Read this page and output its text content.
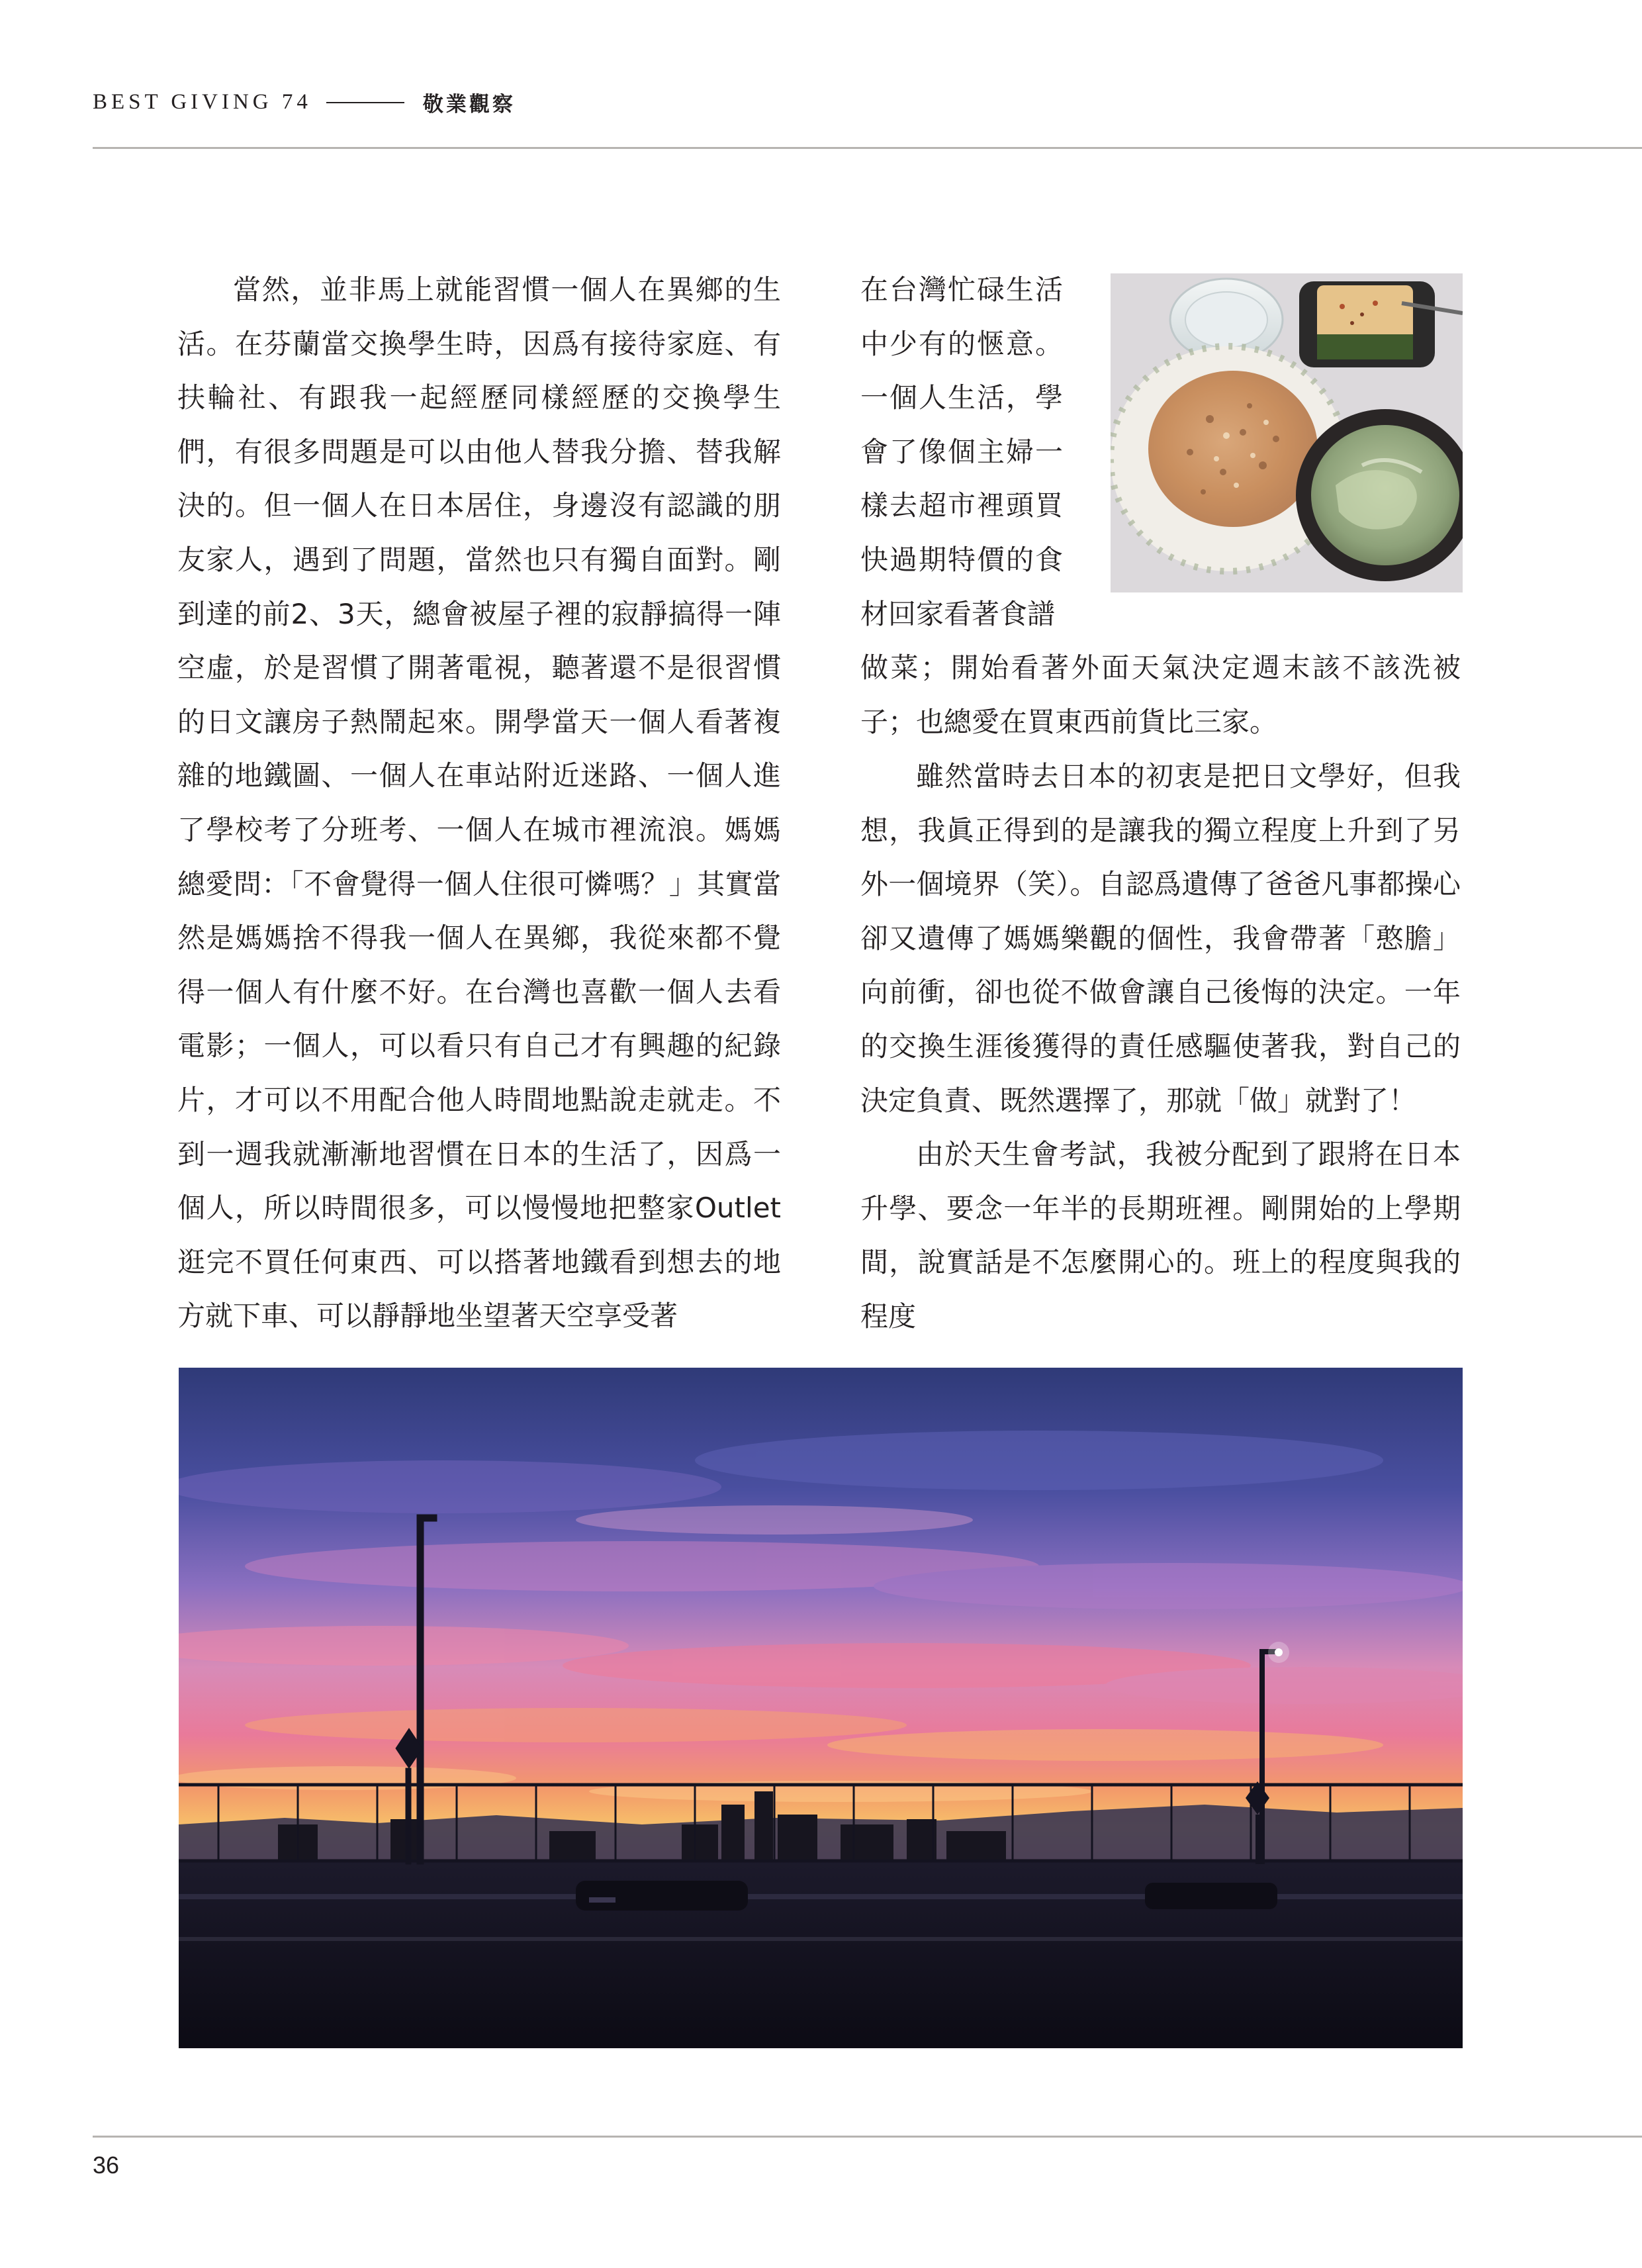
BEST GIVING 74	敬業觀察

當然，並非馬上就能習慣一個人在異鄉的生活。在芬蘭當交換學生時，因爲有接待家庭、有扶輪社、有跟我一起經歷同樣經歷的交換學生們，有很多問題是可以由他人替我分擔、替我解決的。但一個人在日本居住，身邊沒有認識的朋友家人，遇到了問題，當然也只有獨自面對。剛到達的前2、3天，總會被屋子裡的寂靜搞得一陣空虛，於是習慣了開著電視，聽著還不是很習慣的日文讓房子熱鬧起來。開學當天一個人看著複雜的地鐵圖、一個人在車站附近迷路、一個人進了學校考了分班考、一個人在城市裡流浪。媽媽總愛問：「不會覺得一個人住很可憐嗎？」其實當然是媽媽捨不得我一個人在異鄉，我從來都不覺得一個人有什麼不好。在台灣也喜歡一個人去看電影；一個人，可以看只有自己才有興趣的紀錄片，才可以不用配合他人時間地點說走就走。不到一週我就漸漸地習慣在日本的生活了，因爲一個人，所以時間很多，可以慢慢地把整家Outlet逛完不買任何東西、可以搭著地鐵看到想去的地方就下車、可以靜靜地坐望著天空享受著

在台灣忙碌生活中少有的愜意。一個人生活，學會了像個主婦一樣去超市裡頭買快過期特價的食材回家看著食譜

做菜；開始看著外面天氣決定週末該不該洗被子；也總愛在買東西前貨比三家。

雖然當時去日本的初衷是把日文學好，但我想，我眞正得到的是讓我的獨立程度上升到了另外一個境界（笑）。自認爲遺傳了爸爸凡事都操心卻又遺傳了媽媽樂觀的個性，我會帶著「憨膽」向前衝，卻也從不做會讓自己後悔的決定。一年的交換生涯後獲得的責任感驅使著我，對自己的決定負責、既然選擇了，那就「做」就對了！

由於天生會考試，我被分配到了跟將在日本升學、要念一年半的長期班裡。剛開始的上學期間，說實話是不怎麼開心的。班上的程度與我的程度

36
